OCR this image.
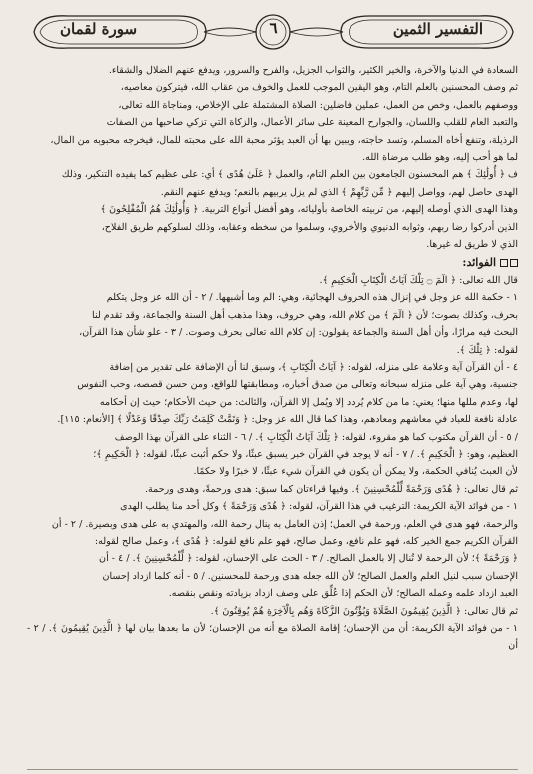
التفسير الثمين
٦
سورة لقمان

السعادة في الدنيا والآخرة، والخير الكثير، والثواب الجزيل، والفرح والسرور، ويدفع عنهم الضلال والشقاء.

ثم وصف المحسنين بالعلم التام، وهو اليقين الموجب للعمل والخوف من عقاب الله، فيتركون معاصيه،

ووصفهم بالعمل، وخص من العمل، عملين فاضلين: الصلاة المشتملة على الإخلاص، ومناجاة الله تعالى،

والتعبد العام للقلب واللسان، والجوارح المعينة على سائر الأعمال، والزكاة التي تزكي صاحبها من الصفات

الرذيلة، وتنفع أخاه المسلم، وتسد حاجته، ويبين بها أن العبد يؤثر محبة الله على محبته للمال، فيخرجه محبوبه من المال،

لما هو أحب إليه، وهو طلب مرضاة الله.

ف ﴿ أُولَٰئِكَ ﴾ هم المحسنون الجامعون بين العلم التام، والعمل ﴿ عَلَىٰ هُدًى ﴾ أي: على عظيم كما يفيده التنكير، وذلك

الهدى حاصل لهم، وواصل إليهم ﴿ مِّن رَّبِّهِمْ ﴾ الذي لم يزل يربيهم بالنعم؛ ويدفع عنهم النقم.

وهذا الهدى الذي أوصله إليهم، من تربيته الخاصة بأوليائه، وهو أفضل أنواع التربية. ﴿ وَأُولَٰئِكَ هُمُ الْمُفْلِحُونَ ﴾

الذين أدركوا رضا ربهم، وثوابه الدنيوي والأخروي، وسلموا من سخطه وعقابه، وذلك لسلوكهم طريق الفلاح،

الذي لا طريق له غيرها.

الفوائد:

قال الله تعالى: ﴿ الٓمٓ ۝ تِلْكَ آيَاتُ الْكِتَابِ الْحَكِيمِ ﴾.

١ - حكمة الله عز وجل في إنزال هذه الحروف الهجائية، وهي: الم وما أشبهها. / ٢ - أن الله عز وجل يتكلم

بحرف، وكذلك بصوت؛ لأن ﴿ الٓمٓ ﴾ من كلام الله، وهي حروف، وهذا مذهب أهل السنة والجماعة، وقد تقدم لنا

البحث فيه مرارًا، وأن أهل السنة والجماعة يقولون: إن كلام الله تعالى بحرف وصوت. / ٣ - علو شأن هذا القرآن،

لقوله: ﴿ تِلْكَ ﴾.

٤ - أن القرآن آية وعلامة على منزله، لقوله: ﴿ آيَاتُ الْكِتَابِ ﴾، وسبق لنا أن الإضافة على تقدير من إضافة

جنسية، وهي آية على منزله سبحانه وتعالى من صدق أخباره، ومطابقتها للواقع، ومن حسن قصصه، وحب النفوس

لها، وعدم مللها منها؛ يعني: ما من كلام يُردد إلا ويُمل إلا القرآن، والثالث: من حيث الأحكام؛ حيث إن أحكامه

عادلة نافعة للعباد في معاشهم ومعادهم، وهذا كما قال الله عز وجل: ﴿ وَتَمَّتْ كَلِمَتُ رَبِّكَ صِدْقًا وَعَدْلًا ﴾ [الأنعام: ١١٥].

/ ٥ - أن القرآن مكتوب كما هو مقروء، لقوله: ﴿ تِلْكَ آيَاتُ الْكِتَابِ ﴾. / ٦ - الثناء على القرآن بهذا الوصف

العظيم، وهو: ﴿ الْحَكِيمِ ﴾. / ٧ - أنه لا يوجد في القرآن خبر يسبق عبثًا، ولا حكم أثبت عبثًا، لقوله: ﴿ الْحَكِيمِ ﴾؛

لأن العبث يُنافي الحكمة، ولا يمكن أن يكون في القرآن شيء عبثًا، لا خبرًا ولا حكمًا.

ثم قال تعالى: ﴿ هُدًى وَرَحْمَةً لِّلْمُحْسِنِينَ ﴾. وفيها قراءتان كما سبق: هدى ورحمةً، وهدى ورحمة.

١ - من فوائد الآية الكريمة: الترغيب في هذا القرآن، لقوله: ﴿ هُدًى وَرَحْمَةً ﴾ وكل أحد منا يطلب الهدى

والرحمة، فهو هدى في العلم، ورحمة في العمل؛ إذن العامل به ينال رحمة الله، والمهتدي به على هدى وبصيرة. / ٢ - أن

القرآن الكريم جمع الخير كله، فهو علم نافع، وعمل صالح، فهو علم نافع لقوله: ﴿ هُدًى ﴾، وعمل صالح لقوله:

﴿ وَرَحْمَةً ﴾؛ لأن الرحمة لا تُنال إلا بالعمل الصالح. / ٣ - الحث على الإحسان، لقوله: ﴿ لِّلْمُحْسِنِينَ ﴾. / ٤ - أن

الإحسان سبب لنيل العلم والعمل الصالح؛ لأن الله جعله هدى ورحمة للمحسنين. / ٥ - أنه كلما ازداد إحسان

العبد ازداد علمه وعمله الصالح؛ لأن الحكم إذا عُلِّق على وصف ازداد بزيادته ونقص بنقصه.

ثم قال تعالى: ﴿ الَّذِينَ يُقِيمُونَ الصَّلَاةَ وَيُؤْتُونَ الزَّكَاةَ وَهُم بِالْآخِرَةِ هُمْ يُوقِنُونَ ﴾.

١ - من فوائد الآية الكريمة: أن من الإحسان؛ إقامة الصلاة مع أنه من الإحسان؛ لأن ما بعدها بيان لها ﴿ الَّذِينَ يُقِيمُونَ ﴾. / ٢ - أن
